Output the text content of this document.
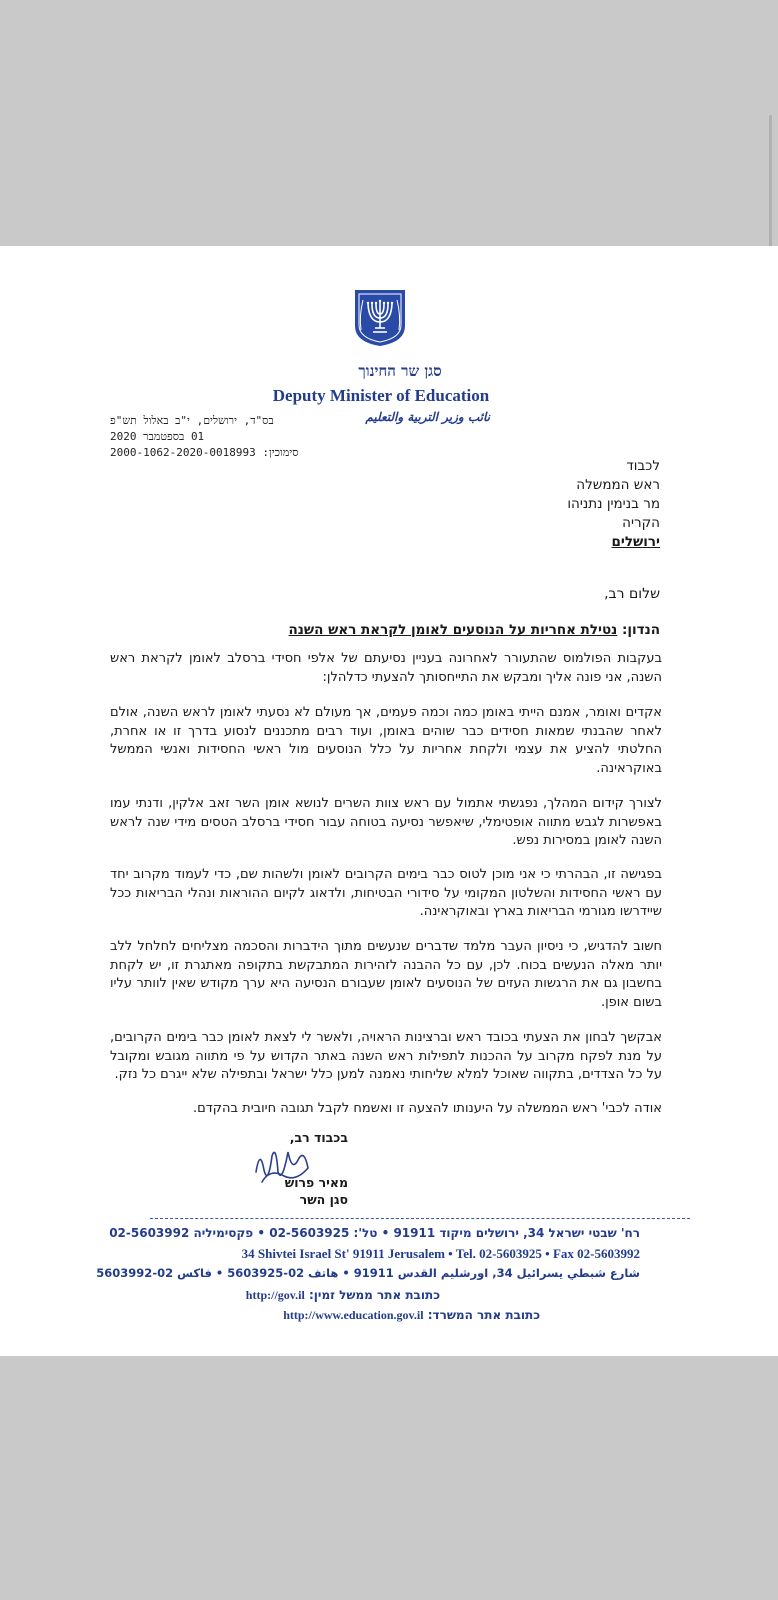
סגן שר החינוך
Deputy Minister of Education
نائب وزير التربية والتعليم
בס"ד, ירושלים, י"ב באלול תש"פ
01 בספטמבר 2020
סימוכין: 2000-1062-2020-0018993
לכבוד
ראש הממשלה
מר בנימין נתניהו
הקריה
ירושלים
שלום רב,
הנדון: נטילת אחריות על הנוסעים לאומן לקראת ראש השנה
בעקבות הפולמוס שהתעורר לאחרונה בעניין נסיעתם של אלפי חסידי ברסלב לאומן לקראת ראש השנה, אני פונה אליך ומבקש את התייחסותך להצעתי כדלהלן:
אקדים ואומר, אמנם הייתי באומן כמה וכמה פעמים, אך מעולם לא נסעתי לאומן לראש השנה, אולם לאחר שהבנתי שמאות חסידים כבר שוהים באומן, ועוד רבים מתכננים לנסוע בדרך זו או אחרת, החלטתי להציע את עצמי ולקחת אחריות על כלל הנוסעים מול ראשי החסידות ואנשי הממשל באוקראינה.
לצורך קידום המהלך, נפגשתי אתמול עם ראש צוות השרים לנושא אומן השר זאב אלקין, ודנתי עמו באפשרות לגבש מתווה אופטימלי, שיאפשר נסיעה בטוחה עבור חסידי ברסלב הטסים מידי שנה לראש השנה לאומן במסירות נפש.
בפגישה זו, הבהרתי כי אני מוכן לטוס כבר בימים הקרובים לאומן ולשהות שם, כדי לעמוד מקרוב יחד עם ראשי החסידות והשלטון המקומי על סידורי הבטיחות, ולדאוג לקיום ההוראות ונהלי הבריאות ככל שיידרשו מגורמי הבריאות בארץ ובאוקראינה.
חשוב להדגיש, כי ניסיון העבר מלמד שדברים שנעשים מתוך הידברות והסכמה מצליחים לחלחל ללב יותר מאלה הנעשים בכוח. לכן, עם כל ההבנה לזהירות המתבקשת בתקופה מאתגרת זו, יש לקחת בחשבון גם את הרגשות העזים של הנוסעים לאומן שעבורם הנסיעה היא ערך מקודש שאין לוותר עליו בשום אופן.
אבקשך לבחון את הצעתי בכובד ראש וברצינות הראויה, ולאשר לי לצאת לאומן כבר בימים הקרובים, על מנת לפקח מקרוב על ההכנות לתפילות ראש השנה באתר הקדוש על פי מתווה מגובש ומקובל על כל הצדדים, בתקווה שאוכל למלא שליחותי נאמנה למען כלל ישראל ובתפילה שלא ייגרם כל נזק.
אודה לכבי' ראש הממשלה על היענותו להצעה זו ואשמח לקבל תגובה חיובית בהקדם.
בכבוד רב,
מאיר פרוש
סגן השר
רח' שבטי ישראל 34, ירושלים מיקוד 91911 • טל': 02-5603925 • פקסימיליה 02-5603992
34 Shivtei Israel St' 91911 Jerusalem • Tel. 02-5603925 • Fax 02-5603992
شارع شبطي يسرائيل 34, اورشليم القدس 91911 • هاتف 02-5603925 • فاكس 02-5603992
כתובת אתר ממשל זמין: http://gov.il
כתובת אתר המשרד: http://www.education.gov.il
